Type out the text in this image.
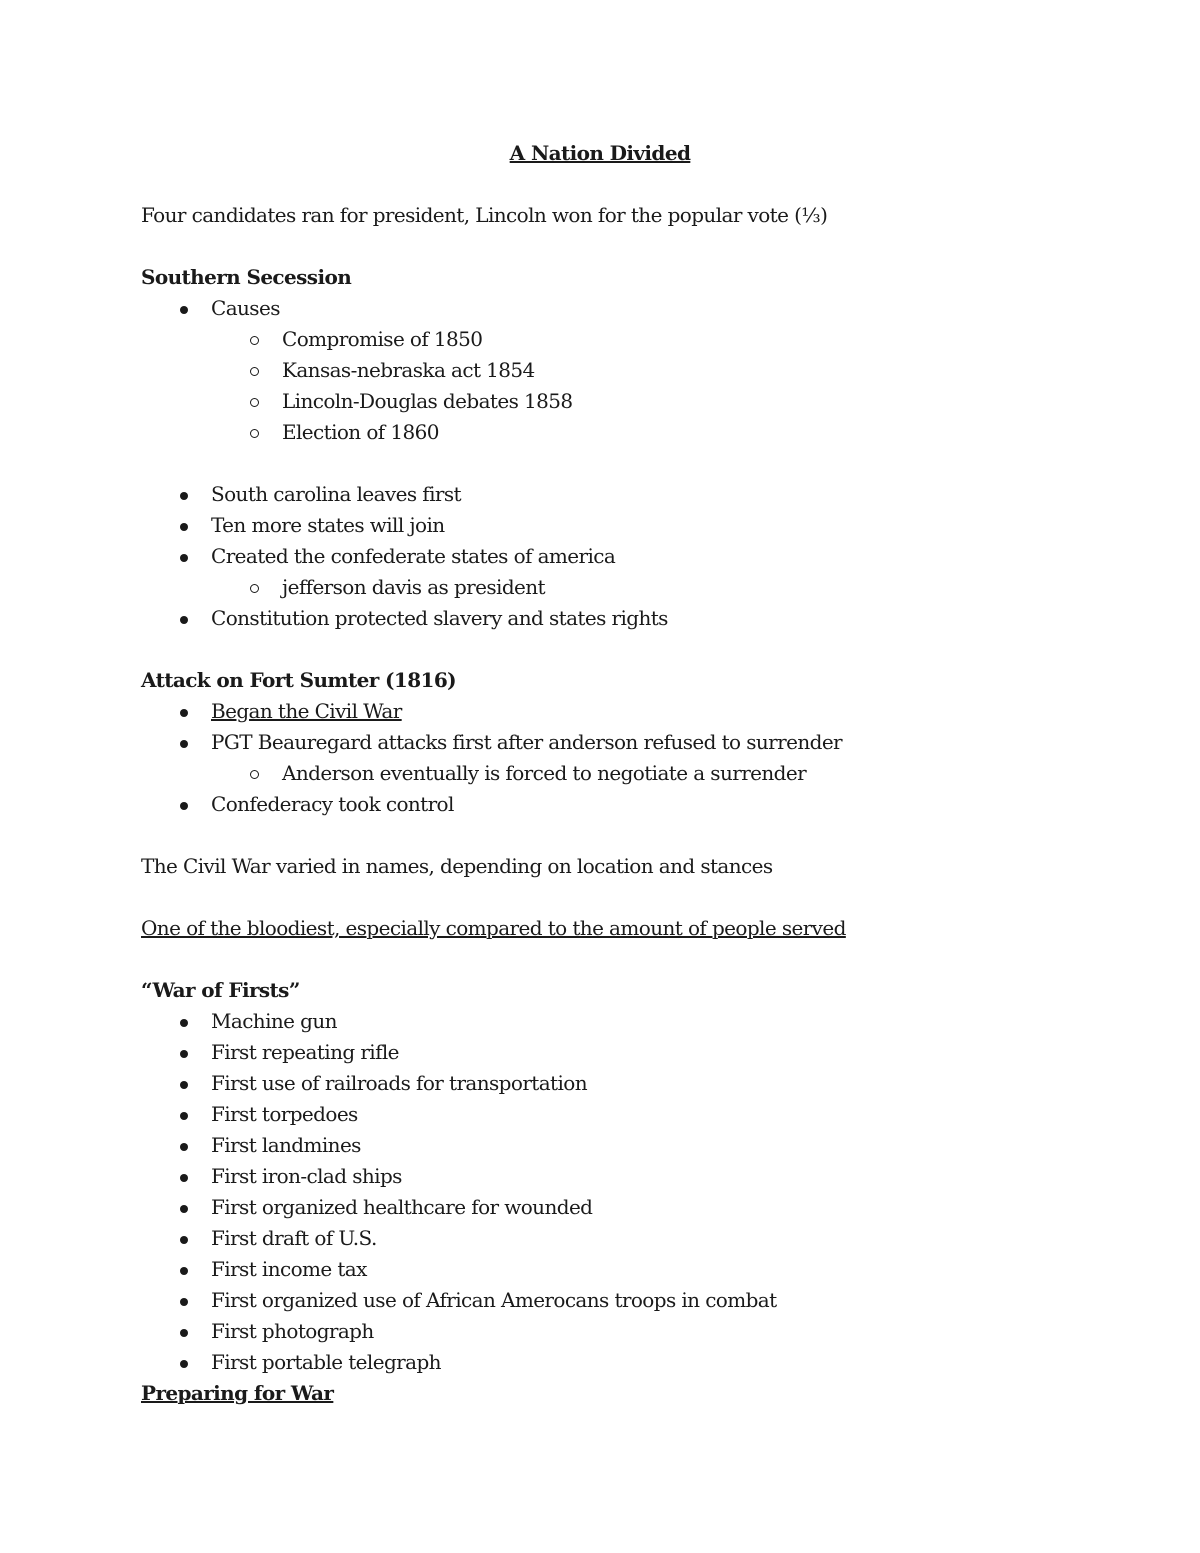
A Nation Divided

Four candidates ran for president, Lincoln won for the popular vote (⅓)

Southern Secession

Causes
Compromise of 1850
Kansas-nebraska act 1854
Lincoln-Douglas debates 1858
Election of 1860
South carolina leaves first
Ten more states will join
Created the confederate states of america
jefferson davis as president
Constitution protected slavery and states rights

Attack on Fort Sumter (1816)

Began the Civil War
PGT Beauregard attacks first after anderson refused to surrender
Anderson eventually is forced to negotiate a surrender
Confederacy took control

The Civil War varied in names, depending on location and stances

One of the bloodiest, especially compared to the amount of people served

“War of Firsts”

Machine gun
First repeating rifle
First use of railroads for transportation
First torpedoes
First landmines
First iron-clad ships
First organized healthcare for wounded
First draft of U.S.
First income tax
First organized use of African Amerocans troops in combat
First photograph
First portable telegraph

Preparing for War
